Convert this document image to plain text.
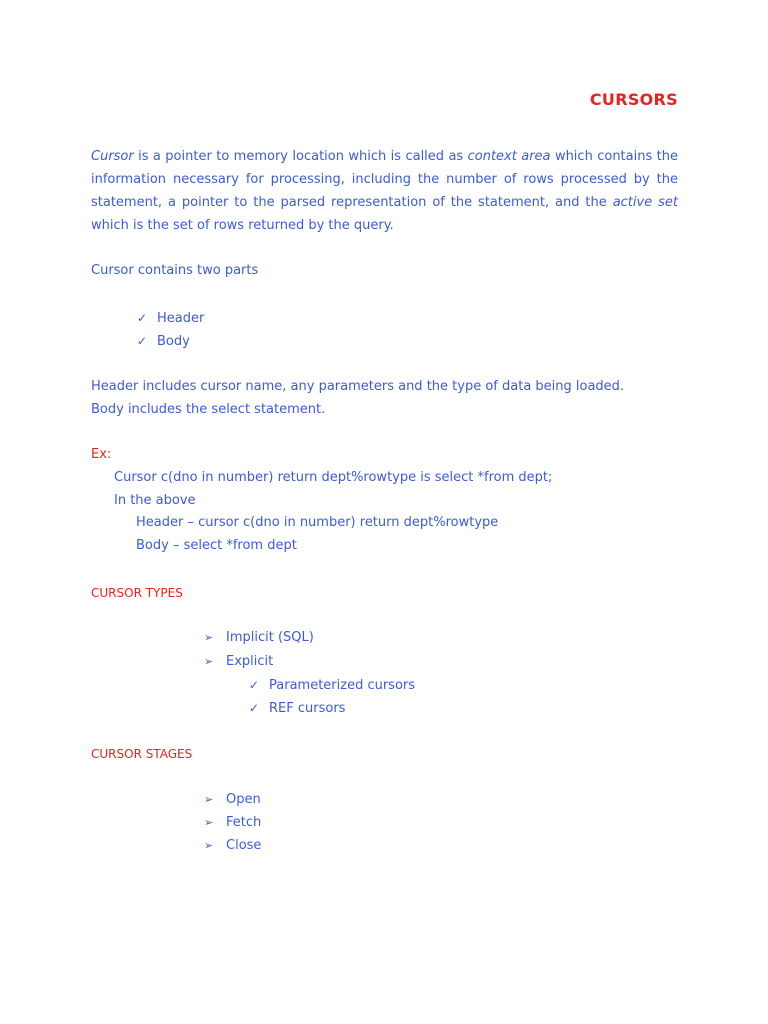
CURSORS
Cursor is a pointer to memory location which is called as context area which contains the information necessary for processing, including the number of rows processed by the statement, a pointer to the parsed representation of the statement, and the active set which is the set of rows returned by the query.
Cursor contains two parts
✓ Header
✓ Body
Header includes cursor name, any parameters and the type of data being loaded.
Body includes the select statement.
Ex:
Cursor c(dno in number) return dept%rowtype is select *from dept;
In the above
Header – cursor c(dno in number) return dept%rowtype
Body – select *from dept
CURSOR TYPES
➢ Implicit (SQL)
➢ Explicit
✓ Parameterized cursors
✓ REF cursors
CURSOR STAGES
➢ Open
➢ Fetch
➢ Close
